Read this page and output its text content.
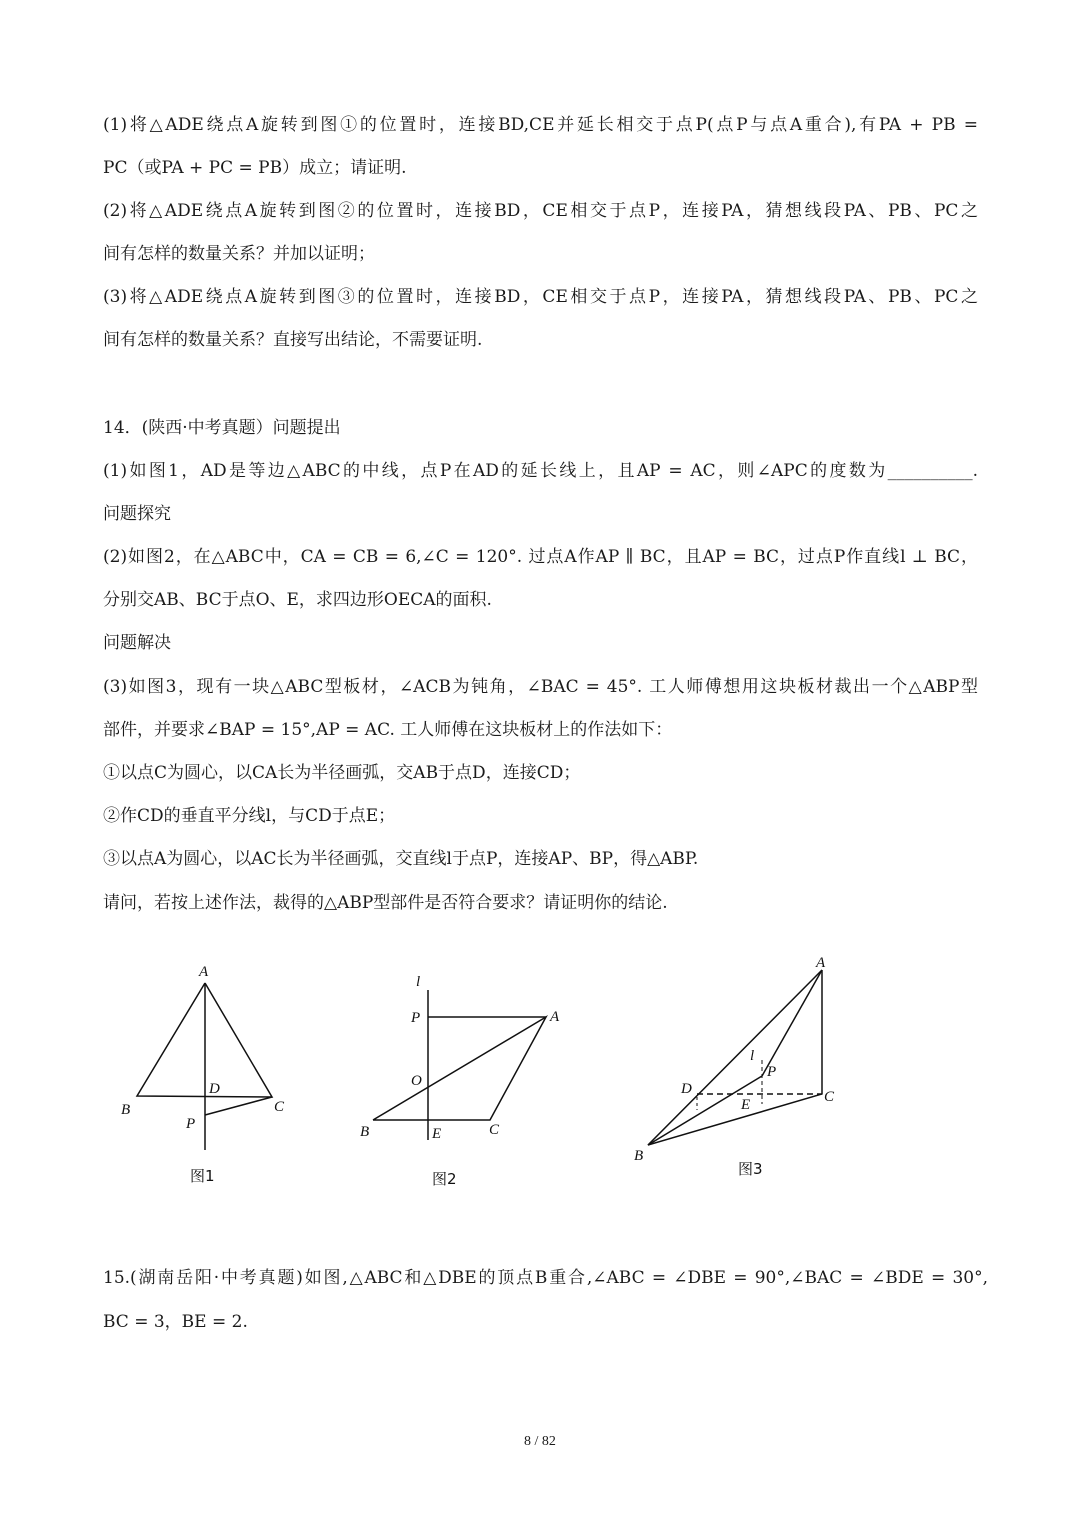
(1)将△ADE绕点A旋转到图①的位置时，连接BD,CE并延长相交于点P(点P与点A重合),有PA + PB =
PC（或PA + PC = PB）成立；请证明.
(2)将△ADE绕点A旋转到图②的位置时，连接BD，CE相交于点P，连接PA，猜想线段PA、PB、PC之
间有怎样的数量关系？并加以证明；
(3)将△ADE绕点A旋转到图③的位置时，连接BD，CE相交于点P，连接PA，猜想线段PA、PB、PC之
间有怎样的数量关系？直接写出结论，不需要证明.
14．(陕西·中考真题）问题提出
(1)如图1，AD是等边△ABC的中线，点P在AD的延长线上，且AP = AC，则∠APC的度数为__________.
问题探究
(2)如图2，在△ABC中，CA = CB = 6,∠C = 120°. 过点A作AP ∥ BC，且AP = BC，过点P作直线l ⊥ BC，
分别交AB、BC于点O、E，求四边形OECA的面积.
问题解决
(3)如图3，现有一块△ABC型板材，∠ACB为钝角，∠BAC = 45°. 工人师傅想用这块板材裁出一个△ABP型
部件，并要求∠BAP = 15°,AP = AC. 工人师傅在这块板材上的作法如下：
①以点C为圆心，以CA长为半径画弧，交AB于点D，连接CD；
②作CD的垂直平分线l，与CD于点E；
③以点A为圆心，以AC长为半径画弧，交直线l于点P，连接AP、BP，得△ABP.
请问，若按上述作法，裁得的△ABP型部件是否符合要求？请证明你的结论.
A
B
D
C
P
图1
l
P	A
O
B	E	C
图2
A
l
P
D
E	C
B
图3
15.(湖南岳阳·中考真题)如图,△ABC和△DBE的顶点B重合,∠ABC = ∠DBE = 90°,∠BAC = ∠BDE = 30°,
BC = 3，BE = 2.
8 / 82
